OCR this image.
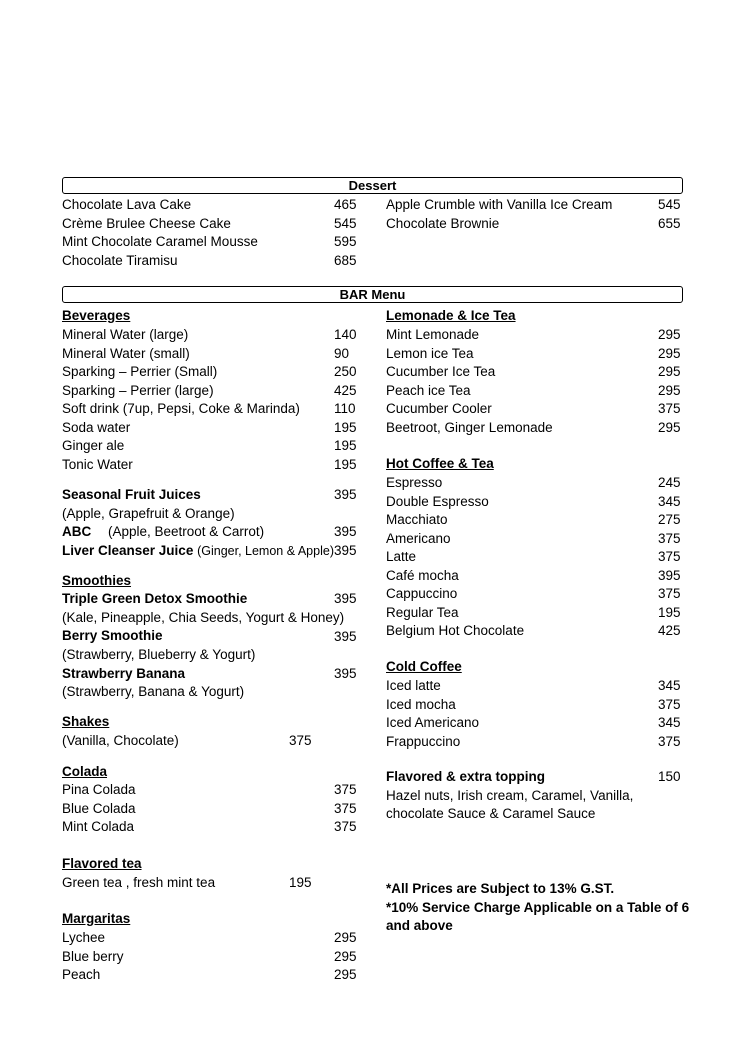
Dessert
Chocolate Lava Cake	465
Crème Brulee Cheese Cake	545
Mint Chocolate Caramel Mousse	595
Chocolate Tiramisu	685
Apple Crumble with Vanilla Ice Cream	545
Chocolate Brownie	655
BAR Menu
Beverages
Mineral Water (large)	140
Mineral Water (small)	90
Sparking – Perrier (Small)	250
Sparking – Perrier (large)	425
Soft drink (7up, Pepsi, Coke & Marinda)	110
Soda water	195
Ginger ale	195
Tonic Water	195
Seasonal Fruit Juices	395
(Apple, Grapefruit & Orange)
ABC (Apple, Beetroot & Carrot)	395
Liver Cleanser Juice (Ginger, Lemon & Apple) 395
Smoothies
Triple Green Detox Smoothie	395
(Kale, Pineapple, Chia Seeds, Yogurt & Honey)
Berry Smoothie	395
(Strawberry, Blueberry & Yogurt)
Strawberry Banana	395
(Strawberry, Banana & Yogurt)
Shakes
(Vanilla, Chocolate)	375
Colada
Pina Colada	375
Blue Colada	375
Mint Colada	375
Flavored tea
Green tea , fresh mint tea	195
Margaritas
Lychee	295
Blue berry	295
Peach	295
Lemonade & Ice Tea
Mint Lemonade	295
Lemon ice Tea	295
Cucumber Ice Tea	295
Peach ice Tea	295
Cucumber Cooler	375
Beetroot, Ginger Lemonade	295
Hot Coffee & Tea
Espresso	245
Double Espresso	345
Macchiato	275
Americano	375
Latte	375
Café mocha	395
Cappuccino	375
Regular Tea	195
Belgium Hot Chocolate	425
Cold Coffee
Iced latte	345
Iced mocha	375
Iced Americano	345
Frappuccino	375
Flavored & extra topping	150
Hazel nuts, Irish cream, Caramel, Vanilla,
chocolate Sauce & Caramel Sauce
*All Prices are Subject to 13% G.ST.
*10% Service Charge Applicable on a Table of 6
and above
